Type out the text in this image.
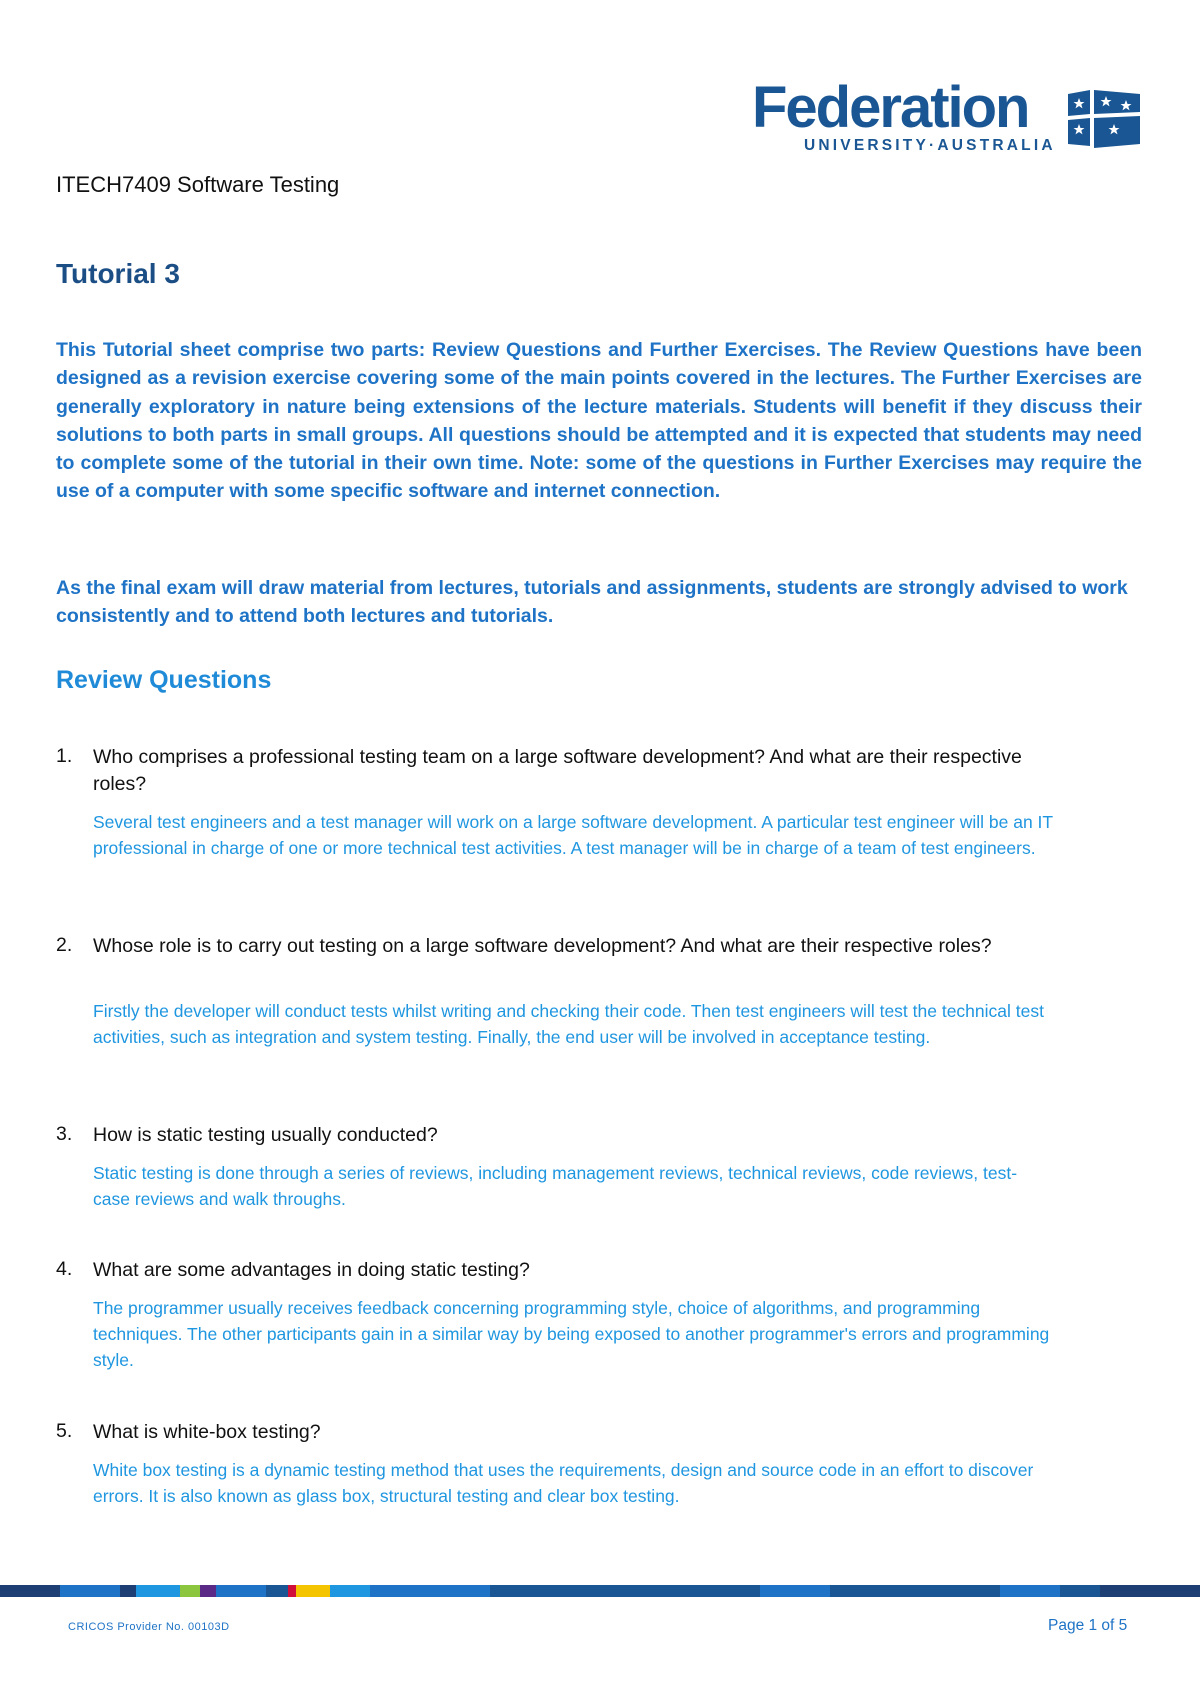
Federation
UNIVERSITY·AUSTRALIA
ITECH7409 Software Testing
Tutorial 3

This Tutorial sheet comprise two parts: Review Questions and Further Exercises. The Review Questions have been designed as a revision exercise covering some of the main points covered in the lectures. The Further Exercises are generally exploratory in nature being extensions of the lecture materials. Students will benefit if they discuss their solutions to both parts in small groups. All questions should be attempted and it is expected that students may need to complete some of the tutorial in their own time. Note: some of the questions in Further Exercises may require the use of a computer with some specific software and internet connection.

As the final exam will draw material from lectures, tutorials and assignments, students are strongly advised to work consistently and to attend both lectures and tutorials.

Review Questions
1. Who comprises a professional testing team on a large software development? And what are their respective roles?

Several test engineers and a test manager will work on a large software development. A particular test engineer will be an IT professional in charge of one or more technical test activities. A test manager will be in charge of a team of test engineers.

2. Whose role is to carry out testing on a large software development? And what are their respective roles?

Firstly the developer will conduct tests whilst writing and checking their code. Then test engineers will test the technical test activities, such as integration and system testing. Finally, the end user will be involved in acceptance testing.

3. How is static testing usually conducted?

Static testing is done through a series of reviews, including management reviews, technical reviews, code reviews, test-case reviews and walk throughs.

4. What are some advantages in doing static testing?

The programmer usually receives feedback concerning programming style, choice of algorithms, and programming techniques. The other participants gain in a similar way by being exposed to another programmer's errors and programming style.

5. What is white-box testing?

White box testing is a dynamic testing method that uses the requirements, design and source code in an effort to discover errors. It is also known as glass box, structural testing and clear box testing.

CRICOS Provider No. 00103D	Page 1 of 5
